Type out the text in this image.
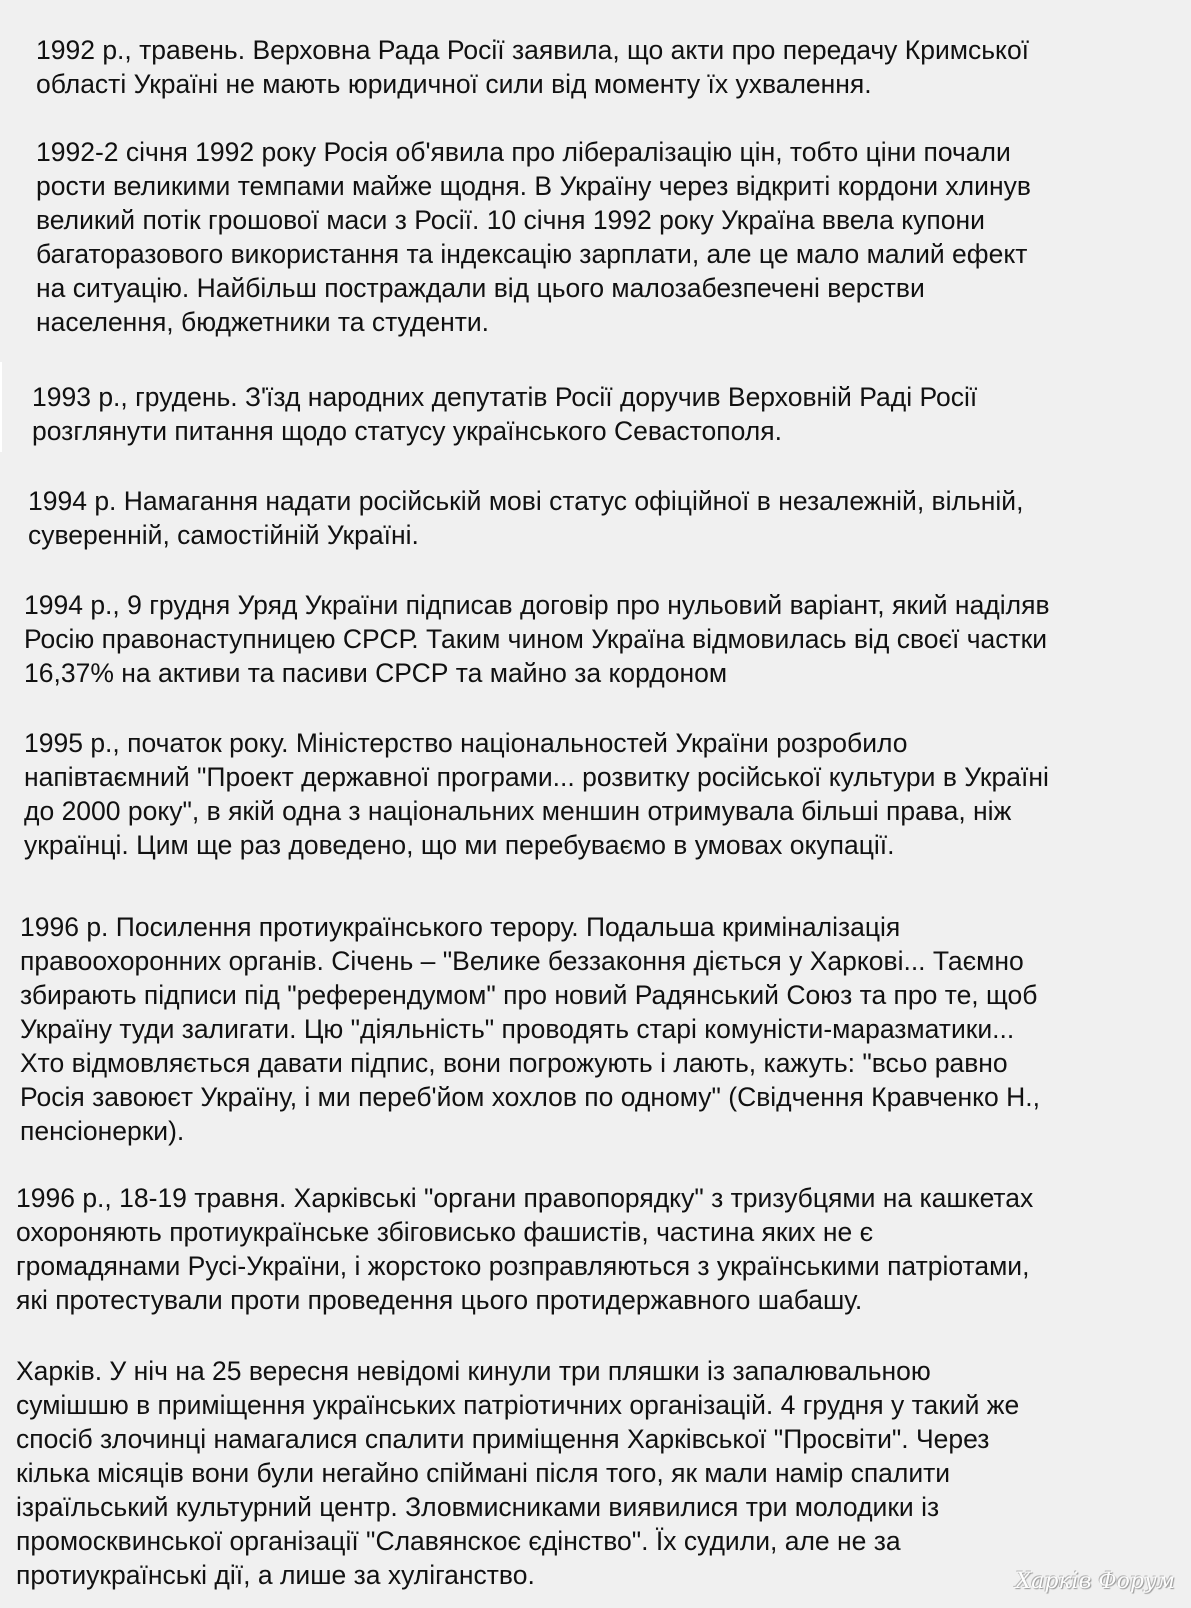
1992 р., травень. Верховна Рада Росії заявила, що акти про передачу Кримської
області Україні не мають юридичної сили від моменту їх ухвалення.

1992-2 січня 1992 року Росія об'явила про лібералізацію цін, тобто ціни почали
рости великими темпами майже щодня. В Україну через відкриті кордони хлинув
великий потік грошової маси з Росії. 10 січня 1992 року Україна ввела купони
багаторазового використання та індексацію зарплати, але це мало малий ефект
на ситуацію. Найбільш постраждали від цього малозабезпечені верстви
населення, бюджетники та студенти.

1993 р., грудень. З'їзд народних депутатів Росії доручив Верховній Раді Росії
розглянути питання щодо статусу українського Севастополя.

1994 р. Намагання надати російській мові статус офіційної в незалежній, вільній,
суверенній, самостійній Україні.

1994 р., 9 грудня Уряд України підписав договір про нульовий варіант, який наділяв
Росію правонаступницею СРСР. Таким чином Україна відмовилась від своєї частки
16,37% на активи та пасиви СРСР та майно за кордоном

1995 р., початок року. Міністерство національностей України розробило
напівтаємний "Проект державної програми... розвитку російської культури в Україні
до 2000 року", в якій одна з національних меншин отримувала більші права, ніж
українці. Цим ще раз доведено, що ми перебуваємо в умовах окупації.

1996 р. Посилення протиукраїнського терору. Подальша криміналізація
правоохоронних органів. Січень – "Велике беззаконня діється у Харкові... Таємно
збирають підписи під "референдумом" про новий Радянський Союз та про те, щоб
Україну туди залигати. Цю "діяльність" проводять старі комуністи-маразматики...
Хто відмовляється давати підпис, вони погрожують і лають, кажуть: "всьо равно
Росія завоюєт Україну, і ми переб'йом хохлов по одному" (Свідчення Кравченко Н.,
пенсіонерки).

1996 р., 18-19 травня. Харківські "органи правопорядку" з тризубцями на кашкетах
охороняють протиукраїнське збіговисько фашистів, частина яких не є
громадянами Русі-України, і жорстоко розправляються з українськими патріотами,
які протестували проти проведення цього протидержавного шабашу.

Харків. У ніч на 25 вересня невідомі кинули три пляшки із запалювальною
сумішшю в приміщення українських патріотичних організацій. 4 грудня у такий же
спосіб злочинці намагалися спалити приміщення Харківської "Просвіти". Через
кілька місяців вони були негайно спіймані після того, як мали намір спалити
ізраїльський культурний центр. Зловмисниками виявилися три молодики із
промосквинської організації "Славянскоє єдінство". Їх судили, але не за
протиукраїнські дії, а лише за хуліганство.	Харків Форум
